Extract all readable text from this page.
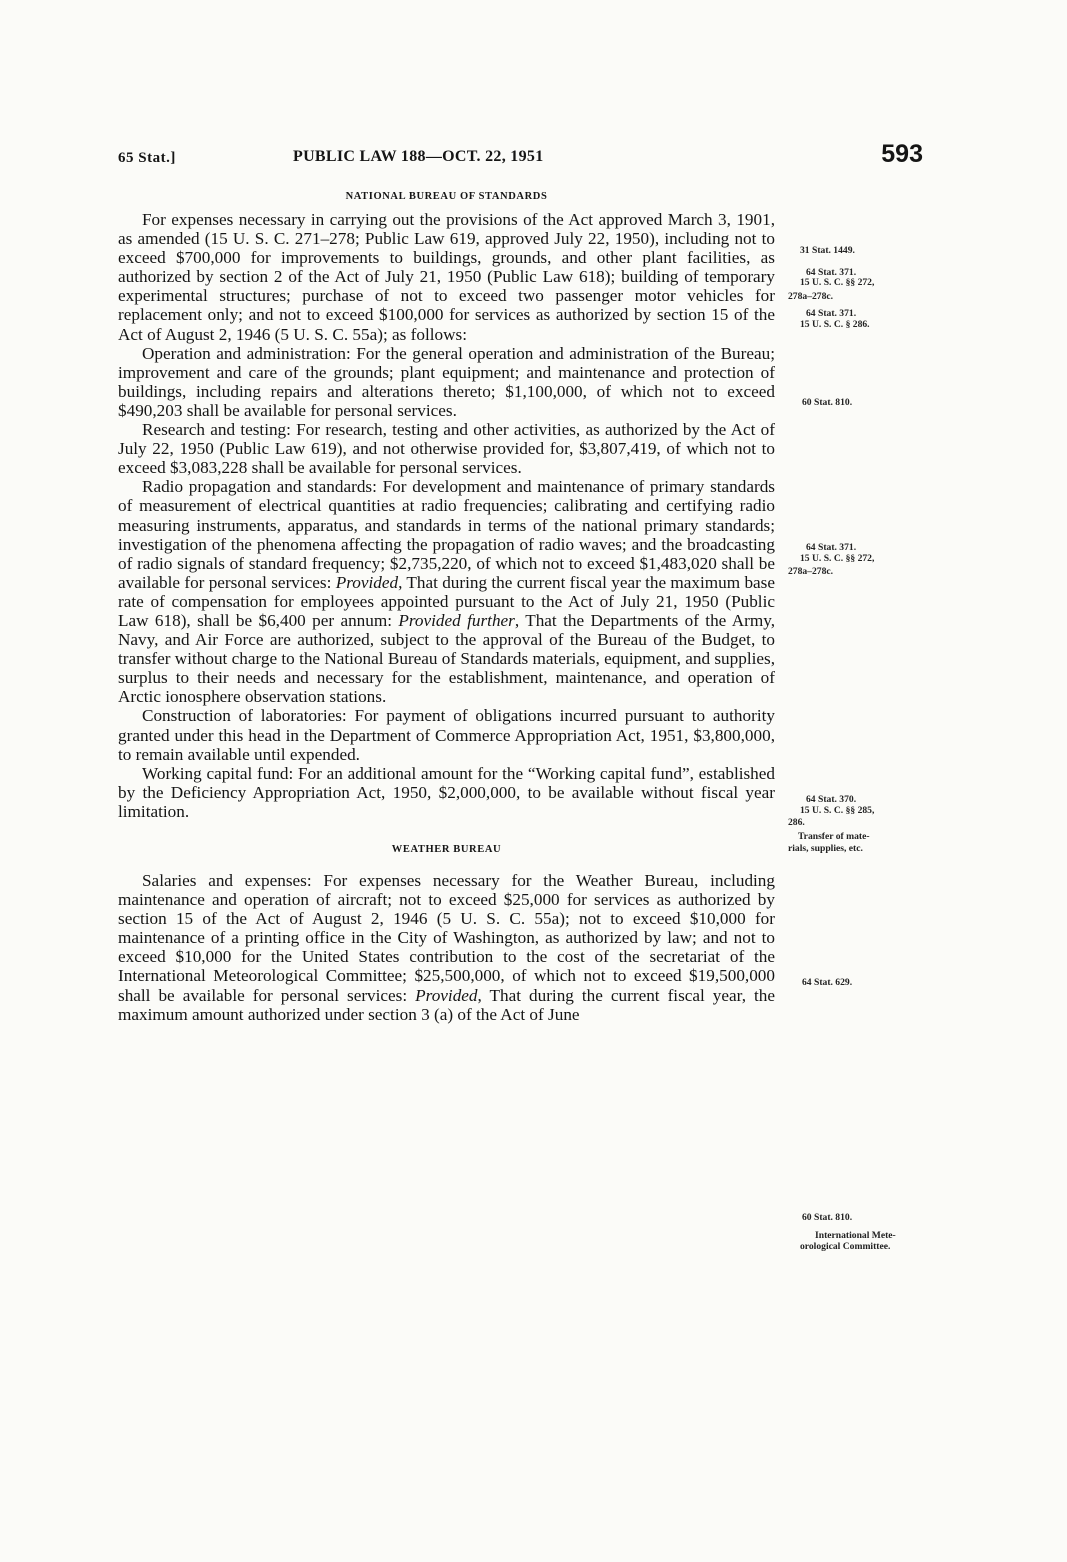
65 Stat.]	PUBLIC LAW 188—OCT. 22, 1951	593
NATIONAL BUREAU OF STANDARDS

For expenses necessary in carrying out the provisions of the Act approved March 3, 1901, as amended (15 U. S. C. 271–278; Public Law 619, approved July 22, 1950), including not to exceed $700,000 for improvements to buildings, grounds, and other plant facilities, as authorized by section 2 of the Act of July 21, 1950 (Public Law 618); building of temporary experimental structures; purchase of not to exceed two passenger motor vehicles for replacement only; and not to exceed $100,000 for services as authorized by section 15 of the Act of August 2, 1946 (5 U. S. C. 55a); as follows:

Operation and administration: For the general operation and administration of the Bureau; improvement and care of the grounds; plant equipment; and maintenance and protection of buildings, including repairs and alterations thereto; $1,100,000, of which not to exceed $490,203 shall be available for personal services.

Research and testing: For research, testing and other activities, as authorized by the Act of July 22, 1950 (Public Law 619), and not otherwise provided for, $3,807,419, of which not to exceed $3,083,228 shall be available for personal services.

Radio propagation and standards: For development and maintenance of primary standards of measurement of electrical quantities at radio frequencies; calibrating and certifying radio measuring instruments, apparatus, and standards in terms of the national primary standards; investigation of the phenomena affecting the propagation of radio waves; and the broadcasting of radio signals of standard frequency; $2,735,220, of which not to exceed $1,483,020 shall be available for personal services: Provided, That during the current fiscal year the maximum base rate of compensation for employees appointed pursuant to the Act of July 21, 1950 (Public Law 618), shall be $6,400 per annum: Provided further, That the Departments of the Army, Navy, and Air Force are authorized, subject to the approval of the Bureau of the Budget, to transfer without charge to the National Bureau of Standards materials, equipment, and supplies, surplus to their needs and necessary for the establishment, maintenance, and operation of Arctic ionosphere observation stations.

Construction of laboratories: For payment of obligations incurred pursuant to authority granted under this head in the Department of Commerce Appropriation Act, 1951, $3,800,000, to remain available until expended.

Working capital fund: For an additional amount for the “Working capital fund”, established by the Deficiency Appropriation Act, 1950, $2,000,000, to be available without fiscal year limitation.

WEATHER BUREAU

Salaries and expenses: For expenses necessary for the Weather Bureau, including maintenance and operation of aircraft; not to exceed $25,000 for services as authorized by section 15 of the Act of August 2, 1946 (5 U. S. C. 55a); not to exceed $10,000 for maintenance of a printing office in the City of Washington, as authorized by law; and not to exceed $10,000 for the United States contribution to the cost of the secretariat of the International Meteorological Committee; $25,500,000, of which not to exceed $19,500,000 shall be available for personal services: Provided, That during the current fiscal year, the maximum amount authorized under section 3 (a) of the Act of June

31 Stat. 1449.
64 Stat. 371.
15 U. S. C. §§ 272,
278a–278c.
64 Stat. 371.
15 U. S. C. § 286.
60 Stat. 810.
64 Stat. 371.
15 U. S. C. §§ 272,
278a–278c.
64 Stat. 370.
15 U. S. C. §§ 285,
286.
Transfer of mate-
rials, supplies, etc.
64 Stat. 629.
60 Stat. 810.
International Mete-
orological Committee.
